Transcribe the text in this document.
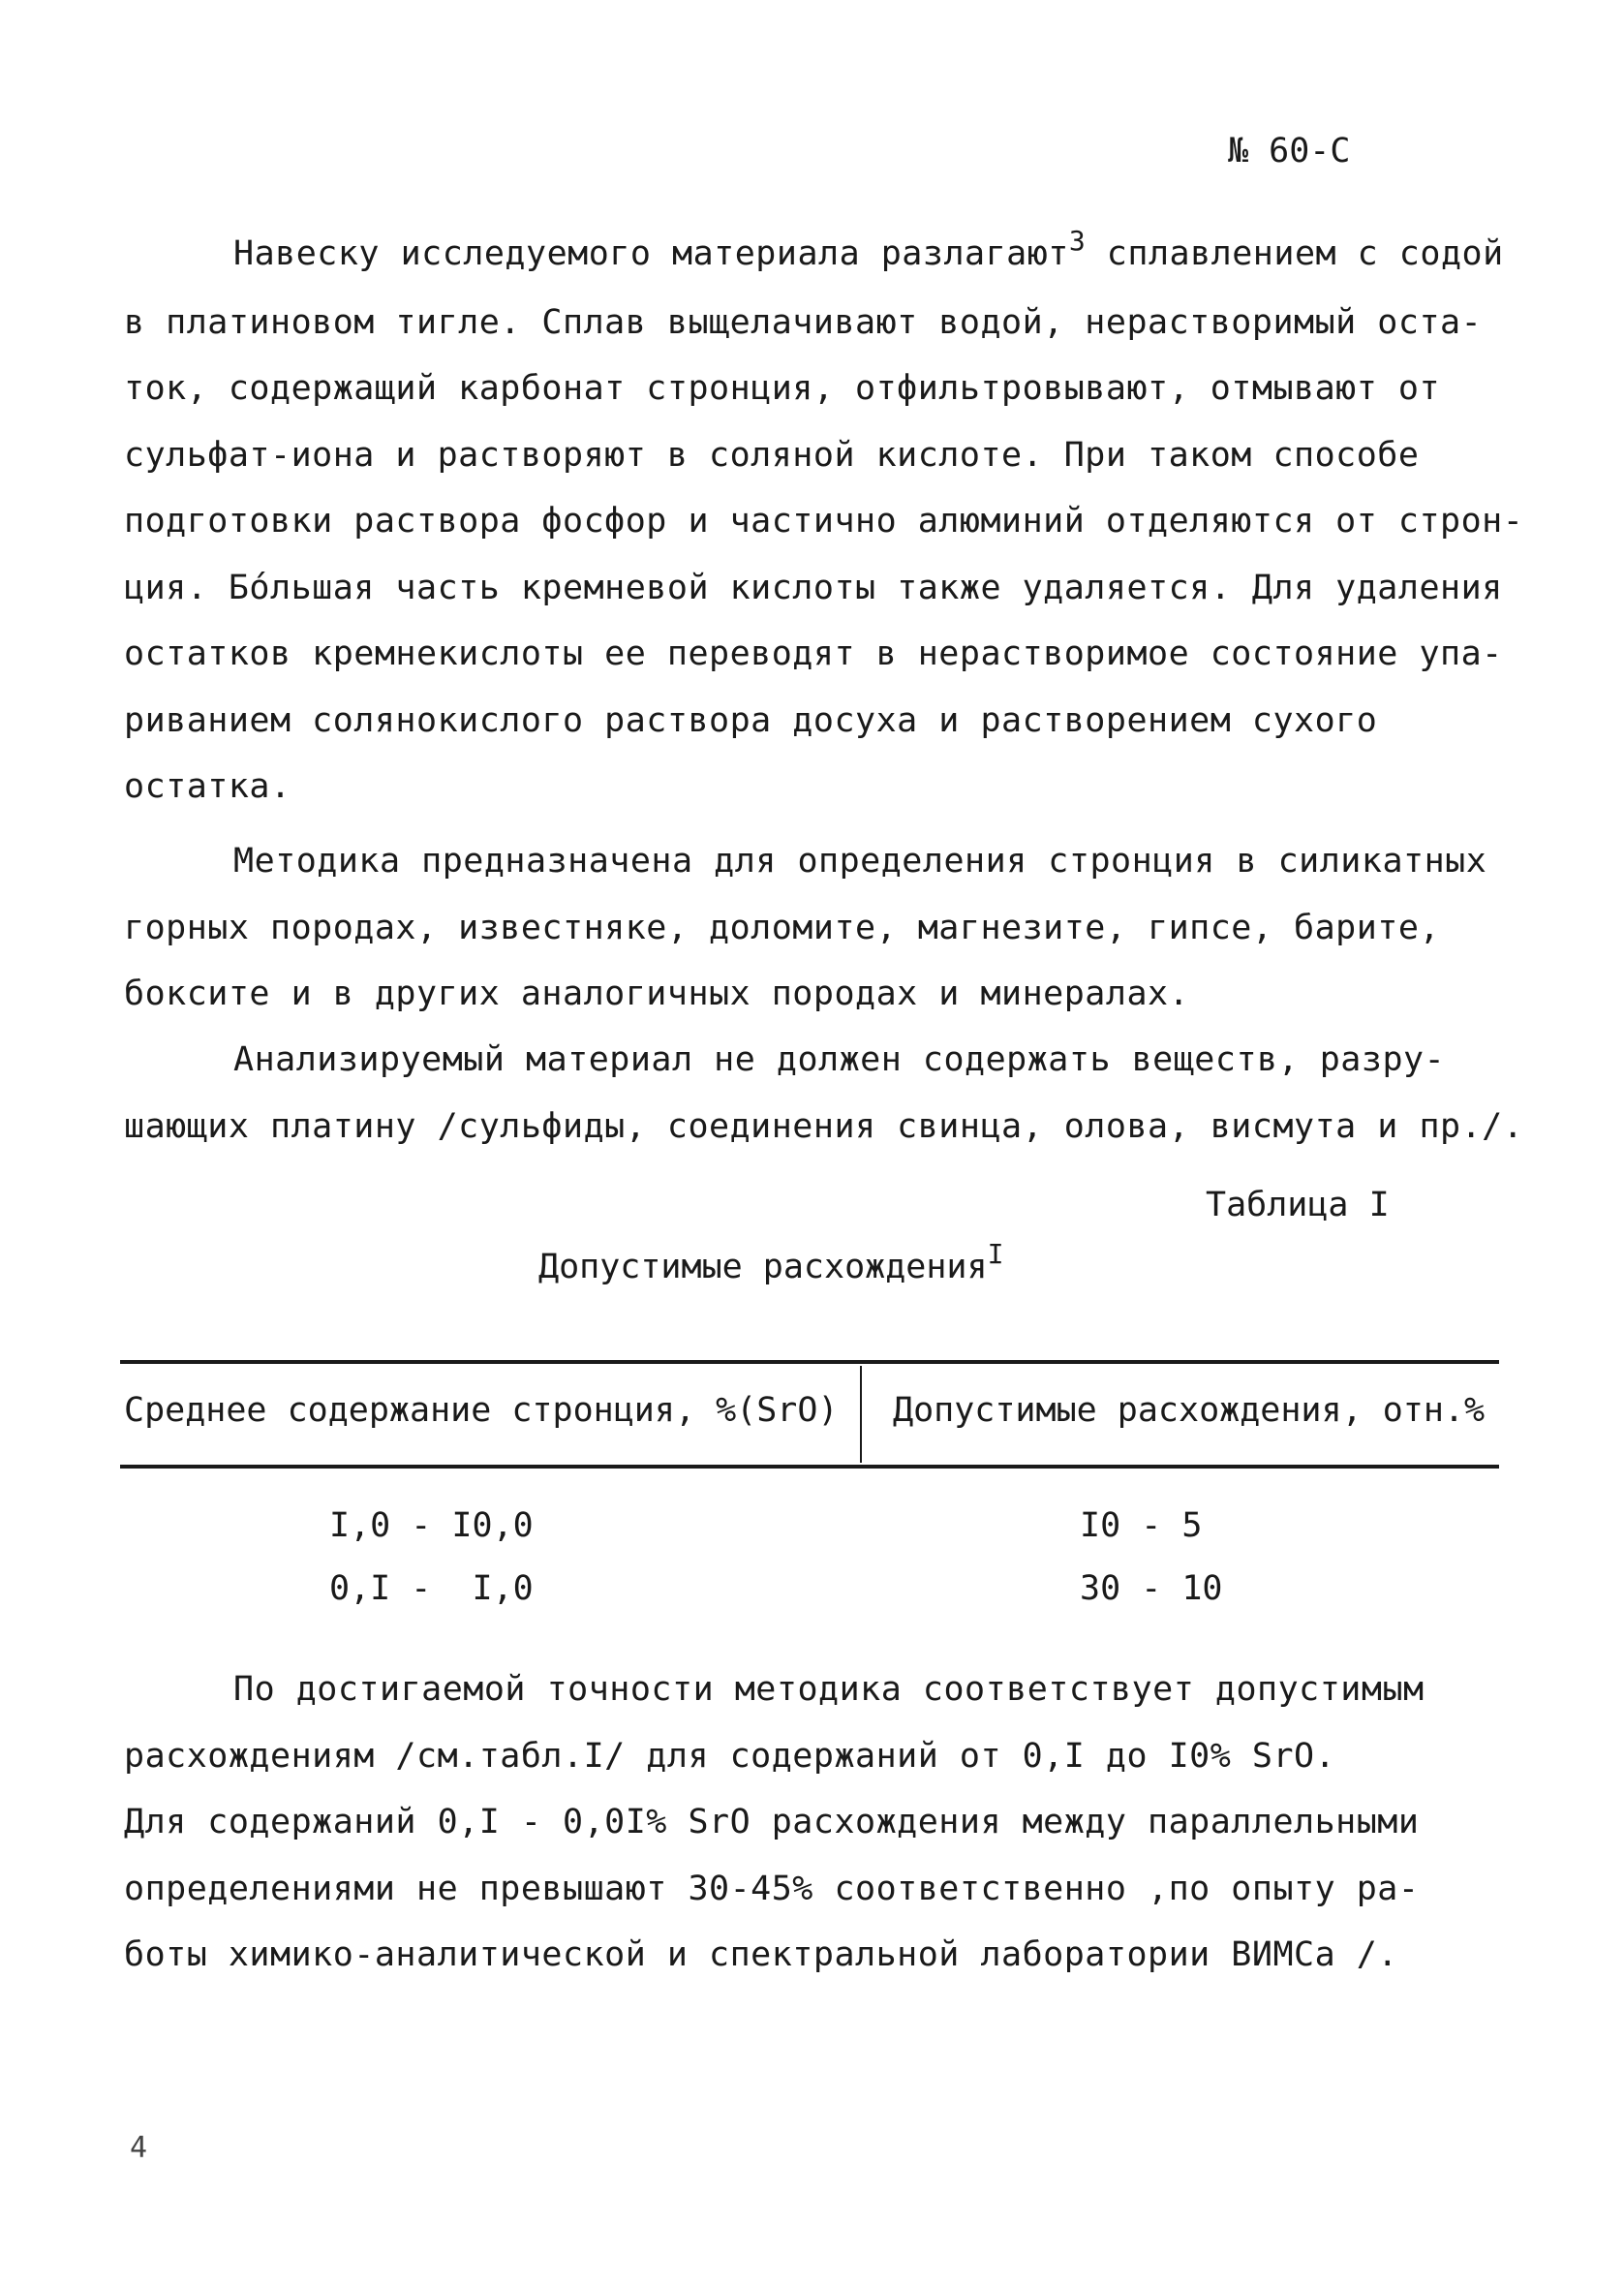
№ 60-С
Навеску исследуемого материала разлагают$^3$ сплавлением с содой
в платиновом тигле. Сплав выщелачивают водой, нерастворимый оста-
ток, содержащий карбонат стронция, отфильтровывают, отмывают от
сульфат-иона и растворяют в соляной кислоте. При таком способе
подготовки раствора фосфор и частично алюминий отделяются от строн-
ция. Бо́льшая часть кремневой кислоты также удаляется. Для удаления
остатков кремнекислоты ее переводят в нерастворимое состояние упа-
риванием солянокислого раствора досуха и растворением сухого
остатка.
Методика предназначена для определения стронция в силикатных
горных породах, известняке, доломите, магнезите, гипсе, барите,
боксите и в других аналогичных породах и минералах.
Анализируемый материал не должен содержать веществ, разру-
шающих платину /сульфиды, соединения свинца, олова, висмута и пр./.
Таблица I
Допустимые расхождения$^I$
Среднее содержание стронция, %(SrO) Допустимые расхождения, отн.%
I,0 - I0,0	I0 - 5
0,I -  I,0	30 - 10
По достигаемой точности методика соответствует допустимым
расхождениям /см.табл.I/ для содержаний от 0,I до I0% SrO.
Для содержаний 0,I - 0,0I% SrO расхождения между параллельными
определениями не превышают 30-45% соответственно ,по опыту ра-
боты химико-аналитической и спектральной лаборатории ВИМСа /.
4
